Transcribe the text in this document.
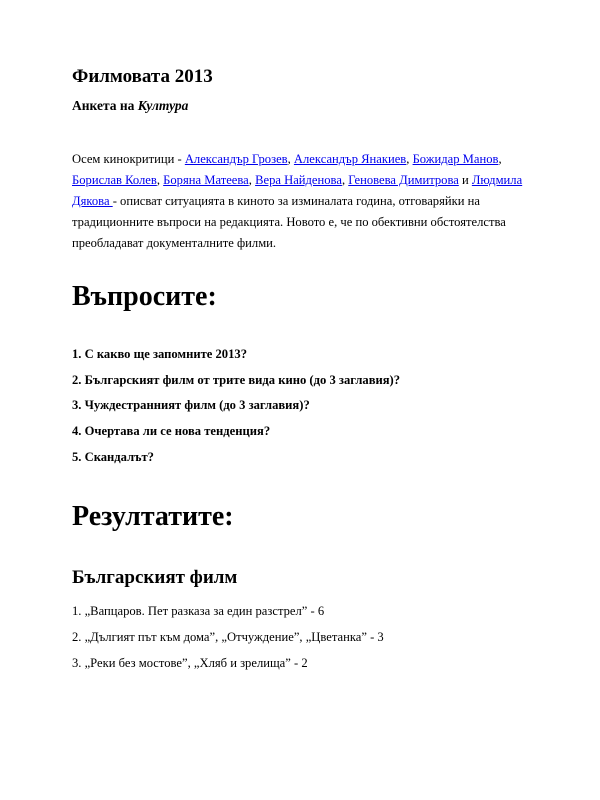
Филмовата 2013

Анкета на Култура

Осем кинокритици - Александър Грозев, Александър Янакиев, Божидар Манов, Борислав Колев, Боряна Матеева, Вера Найденова, Геновева Димитрова и Людмила Дякова - описват ситуацията в киното за изминалата година, отговаряйки на традиционните въпроси на редакцията. Новото е, че по обективни обстоятелства преобладават документалните филми.

Въпросите:

1. С какво ще запомните 2013?

2. Българският филм от трите вида кино (до 3 заглавия)?

3. Чуждестранният филм (до 3 заглавия)?

4. Очертава ли се нова тенденция?

5. Скандалът?

Резултатите:
Българският филм

1. „Вапцаров. Пет разказа за един разстрел” - 6

2. „Дългият път към дома”, „Отчуждение”, „Цветанка” - 3

3. „Реки без мостове”, „Хляб и зрелища” - 2
